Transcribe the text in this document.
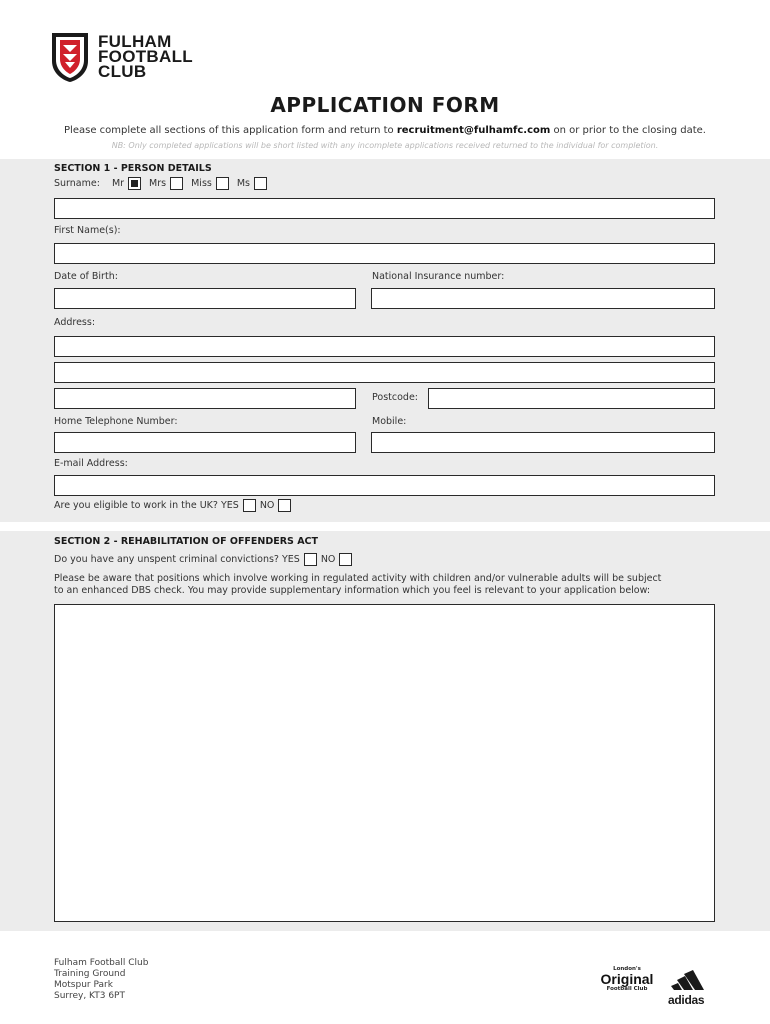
FULHAM
FOOTBALL
CLUB
APPLICATION FORM
Please complete all sections of this application form and return to recruitment@fulhamfc.com on or prior to the closing date.
NB: Only completed applications will be short listed with any incomplete applications received returned to the individual for completion.
SECTION 1 - PERSON DETAILS
Surname: Mr	Mrs	Miss	Ms
First Name(s):
Date of Birth:	National Insurance number:
Address:
Postcode:
Home Telephone Number:	Mobile:
E-mail Address:
Are you eligible to work in the UK? YES NO
SECTION 2 - REHABILITATION OF OFFENDERS ACT
Do you have any unspent criminal convictions? YES NO
Please be aware that positions which involve working in regulated activity with children and/or vulnerable adults will be subject
to an enhanced DBS check. You may provide supplementary information which you feel is relevant to your application below:
Fulham Football Club
Training Ground
Motspur Park
Surrey, KT3 6PT
London's
Original
Football Club
adidas
